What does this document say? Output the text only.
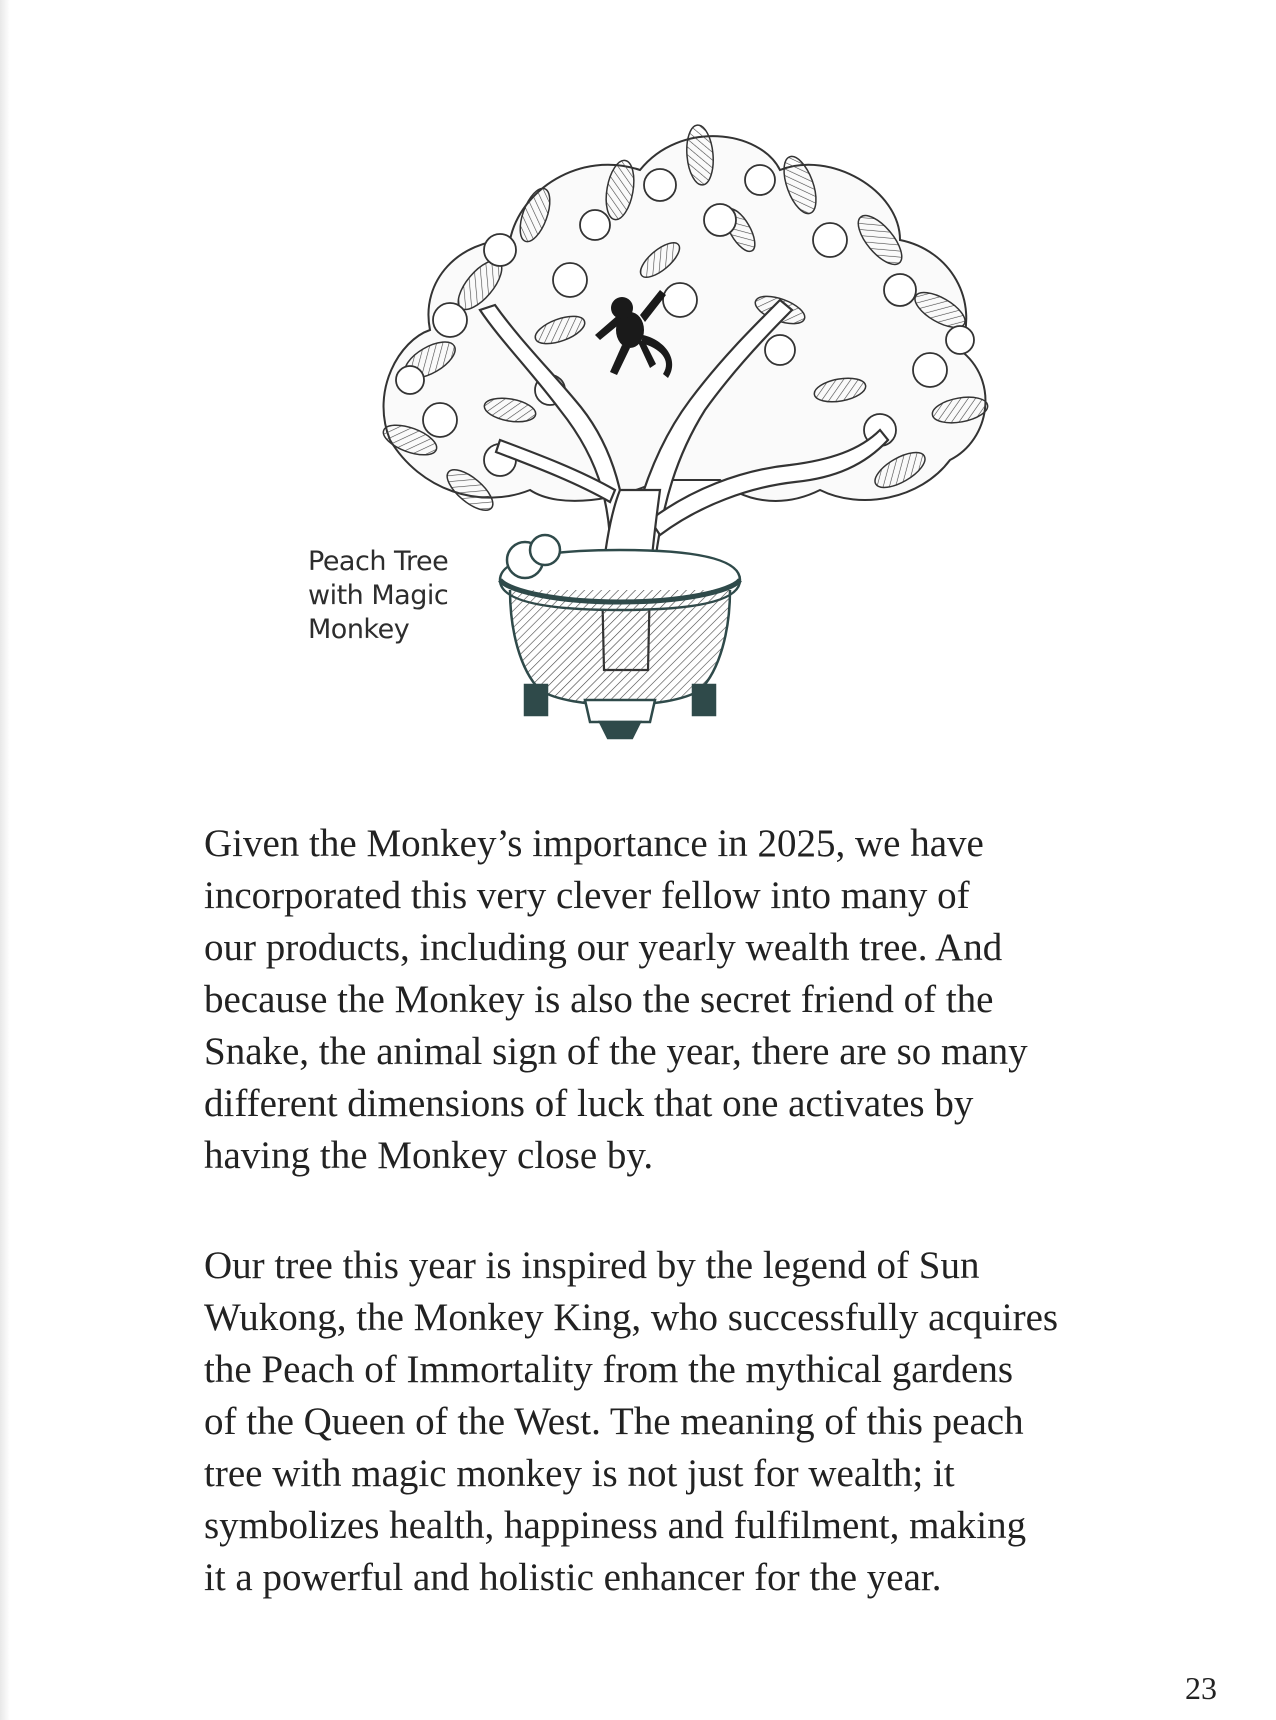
Peach Tree
with Magic
Monkey
Given the Monkey’s importance in 2025, we have
incorporated this very clever fellow into many of
our products, including our yearly wealth tree. And
because the Monkey is also the secret friend of the
Snake, the animal sign of the year, there are so many
different dimensions of luck that one activates by
having the Monkey close by.
Our tree this year is inspired by the legend of Sun
Wukong, the Monkey King, who successfully acquires
the Peach of Immortality from the mythical gardens
of the Queen of the West. The meaning of this peach
tree with magic monkey is not just for wealth; it
symbolizes health, happiness and fulfilment, making
it a powerful and holistic enhancer for the year.
23
